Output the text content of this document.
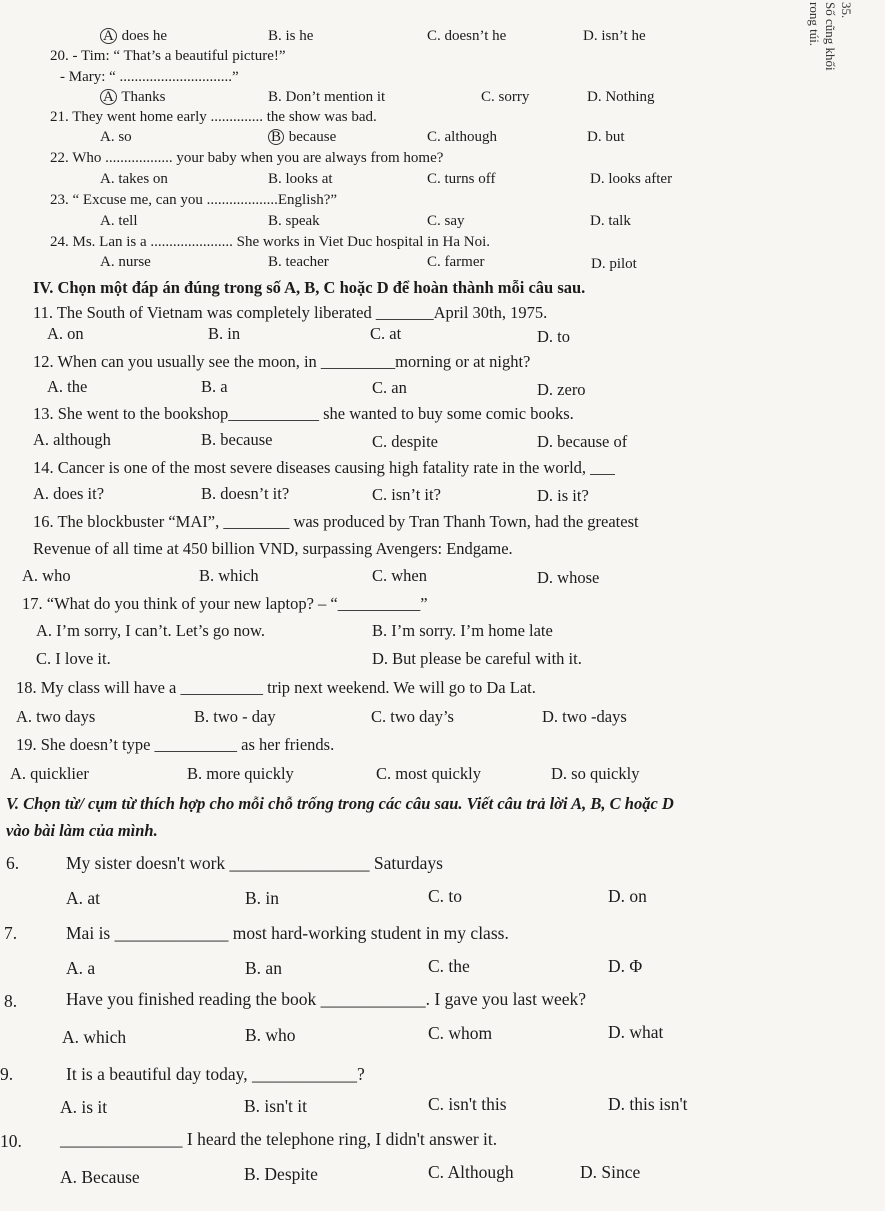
35.
Số cũng khối
rong túi.
A does he	B. is he	C. doesn’t he	D. isn’t he
20. - Tim: “ That’s a beautiful picture!”
- Mary: “ ..............................”
A Thanks	B. Don’t mention it	C. sorry	D. Nothing
21. They went home early .............. the show was bad.
A. so	B because	C. although	D. but
22. Who .................. your baby when you are always from home?
A. takes on	B. looks at	C. turns off	D. looks after
23. “ Excuse me, can you ...................English?”
A. tell	B. speak	C. say	D. talk
24. Ms. Lan is a ...................... She works in Viet Duc hospital in Ha Noi.
A. nurse	B. teacher	C. farmer	D. pilot
IV. Chọn một đáp án đúng trong số A, B, C hoặc D để hoàn thành mỗi câu sau.
11. The South of Vietnam was completely liberated _______April 30th, 1975.
A. on	B. in	C. at	D. to
12. When can you usually see the moon, in _________morning or at night?
A. the	B. a	C. an	D. zero
13. She went to the bookshop___________ she wanted to buy some comic books.
A. although	B. because	C. despite	D. because of
14. Cancer is one of the most severe diseases causing high fatality rate in the world, ___
A. does it?	B. doesn’t it?	C. isn’t it?	D. is it?
16. The blockbuster “MAI”, ________ was produced by Tran Thanh Town, had the greatest
Revenue of all time at 450 billion VND, surpassing Avengers: Endgame.
A. who	B. which	C. when	D. whose
17. “What do you think of your new laptop? – “__________”
A. I’m sorry, I can’t. Let’s go now.	B. I’m sorry. I’m home late
C. I love it.	D. But please be careful with it.
18. My class will have a __________ trip next weekend. We will go to Da Lat.
A. two days	B. two - day	C. two day’s	D. two -days
19. She doesn’t type __________ as her friends.
A. quicklier	B. more quickly	C. most quickly	D. so quickly
V. Chọn từ/ cụm từ thích hợp cho mỗi chỗ trống trong các câu sau. Viết câu trả lời A, B, C hoặc D
vào bài làm của mình.
6.	My sister doesn't work ________________ Saturdays
A. at	B. in	C. to	D. on
7.	Mai is _____________ most hard-working student in my class.
A. a	B. an	C. the	D. Φ
8.	Have you finished reading the book ____________. I gave you last week?
A. which	B. who	C. whom	D. what
9.	It is a beautiful day today, ____________?
A. is it	B. isn't it	C. isn't this	D. this isn't
10. ______________ I heard the telephone ring, I didn't answer it.
A. Because	B. Despite	C. Although	D. Since
